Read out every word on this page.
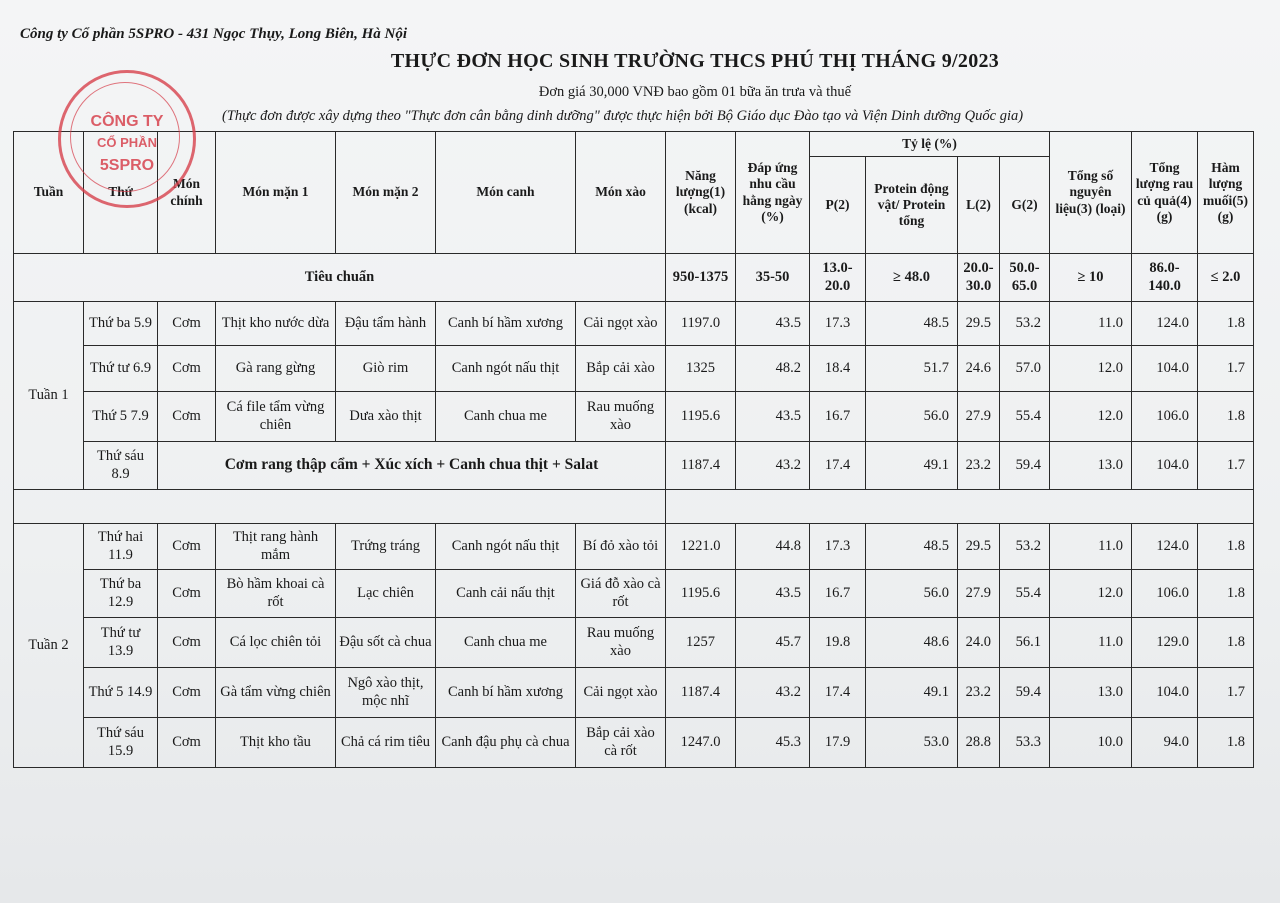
Công ty Cổ phần 5SPRO - 431 Ngọc Thụy, Long Biên, Hà Nội
THỰC ĐƠN HỌC SINH TRƯỜNG THCS PHÚ THỊ THÁNG 9/2023
Đơn giá 30,000 VNĐ bao gồm 01 bữa ăn trưa và thuế
(Thực đơn được xây dựng theo "Thực đơn cân bằng dinh dưỡng" được thực hiện bởi Bộ Giáo dục Đào tạo và Viện Dinh dưỡng Quốc gia)
Tuần	Thứ	Món chính	Món mặn 1	Món mặn 2	Món canh	Món xào	Năng lượng(1) (kcal)	Đáp ứng nhu cầu hằng ngày (%)	Tỷ lệ (%)				Tổng số nguyên liệu(3) (loại)	Tổng lượng rau củ quả(4) (g)	Hàm lượng muối(5) (g)
									P(2)	Protein động vật/ Protein tổng	L(2)	G(2)			
Tiêu chuẩn							950-1375	35-50	13.0- 20.0	≥ 48.0	20.0- 30.0	50.0- 65.0	≥ 10	86.0- 140.0	≤ 2.0
Tuần 1	Thứ ba 5.9	Cơm	Thịt kho nước dừa	Đậu tẩm hành	Canh bí hầm xương	Cải ngọt xào	1197.0	43.5	17.3	48.5	29.5	53.2	11.0	124.0	1.8
	Thứ tư 6.9	Cơm	Gà rang gừng	Giò rim	Canh ngót nấu thịt	Bắp cải xào	1325	48.2	18.4	51.7	24.6	57.0	12.0	104.0	1.7
	Thứ 5 7.9	Cơm	Cá file tẩm vừng chiên	Dưa xào thịt	Canh chua me	Rau muống xào	1195.6	43.5	16.7	56.0	27.9	55.4	12.0	106.0	1.8
	Thứ sáu 8.9	Cơm rang thập cẩm + Xúc xích + Canh chua thịt + Salat					1187.4	43.2	17.4	49.1	23.2	59.4	13.0	104.0	1.7

Tuần 2	Thứ hai 11.9	Cơm	Thịt rang hành mắm	Trứng tráng	Canh ngót nấu thịt	Bí đỏ xào tỏi	1221.0	44.8	17.3	48.5	29.5	53.2	11.0	124.0	1.8
	Thứ ba 12.9	Cơm	Bò hầm khoai cà rốt	Lạc chiên	Canh cải nấu thịt	Giá đỗ xào cà rốt	1195.6	43.5	16.7	56.0	27.9	55.4	12.0	106.0	1.8
	Thứ tư 13.9	Cơm	Cá lọc chiên tỏi	Đậu sốt cà chua	Canh chua me	Rau muống xào	1257	45.7	19.8	48.6	24.0	56.1	11.0	129.0	1.8
	Thứ 5 14.9	Cơm	Gà tẩm vừng chiên	Ngô xào thịt, mộc nhĩ	Canh bí hầm xương	Cải ngọt xào	1187.4	43.2	17.4	49.1	23.2	59.4	13.0	104.0	1.7
	Thứ sáu 15.9	Cơm	Thịt kho tầu	Chả cá rim tiêu	Canh đậu phụ cà chua	Bắp cải xào cà rốt	1247.0	45.3	17.9	53.0	28.8	53.3	10.0	94.0	1.8
CÔNG TY
CỔ PHẦN
5SPRO
